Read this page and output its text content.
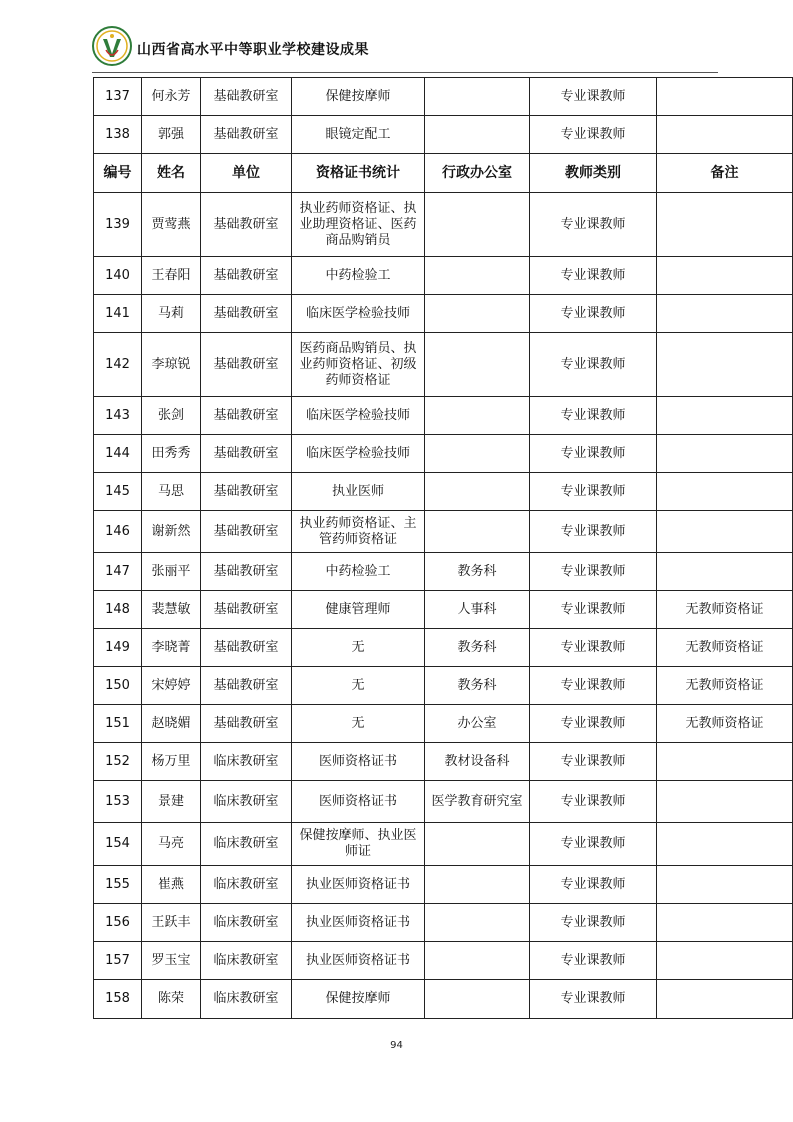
山西省高水平中等职业学校建设成果
137	何永芳	基础教研室	保健按摩师		专业课教师	
138	郭强	基础教研室	眼镜定配工		专业课教师	
编号	姓名	单位	资格证书统计	行政办公室	教师类别	备注
139	贾莺燕	基础教研室	执业药师资格证、执业助理资格证、医药商品购销员		专业课教师	
140	王春阳	基础教研室	中药检验工		专业课教师	
141	马莉	基础教研室	临床医学检验技师		专业课教师	
142	李琼锐	基础教研室	医药商品购销员、执业药师资格证、初级药师资格证		专业课教师	
143	张剑	基础教研室	临床医学检验技师		专业课教师	
144	田秀秀	基础教研室	临床医学检验技师		专业课教师	
145	马思	基础教研室	执业医师		专业课教师	
146	谢新然	基础教研室	执业药师资格证、主管药师资格证		专业课教师	
147	张丽平	基础教研室	中药检验工	教务科	专业课教师	
148	裴慧敏	基础教研室	健康管理师	人事科	专业课教师	无教师资格证
149	李晓菁	基础教研室	无	教务科	专业课教师	无教师资格证
150	宋婷婷	基础教研室	无	教务科	专业课教师	无教师资格证
151	赵晓媚	基础教研室	无	办公室	专业课教师	无教师资格证
152	杨万里	临床教研室	医师资格证书	教材设备科	专业课教师	
153	景建	临床教研室	医师资格证书	医学教育研究室	专业课教师	
154	马亮	临床教研室	保健按摩师、执业医师证		专业课教师	
155	崔燕	临床教研室	执业医师资格证书		专业课教师	
156	王跃丰	临床教研室	执业医师资格证书		专业课教师	
157	罗玉宝	临床教研室	执业医师资格证书		专业课教师	
158	陈荣	临床教研室	保健按摩师		专业课教师	
94
